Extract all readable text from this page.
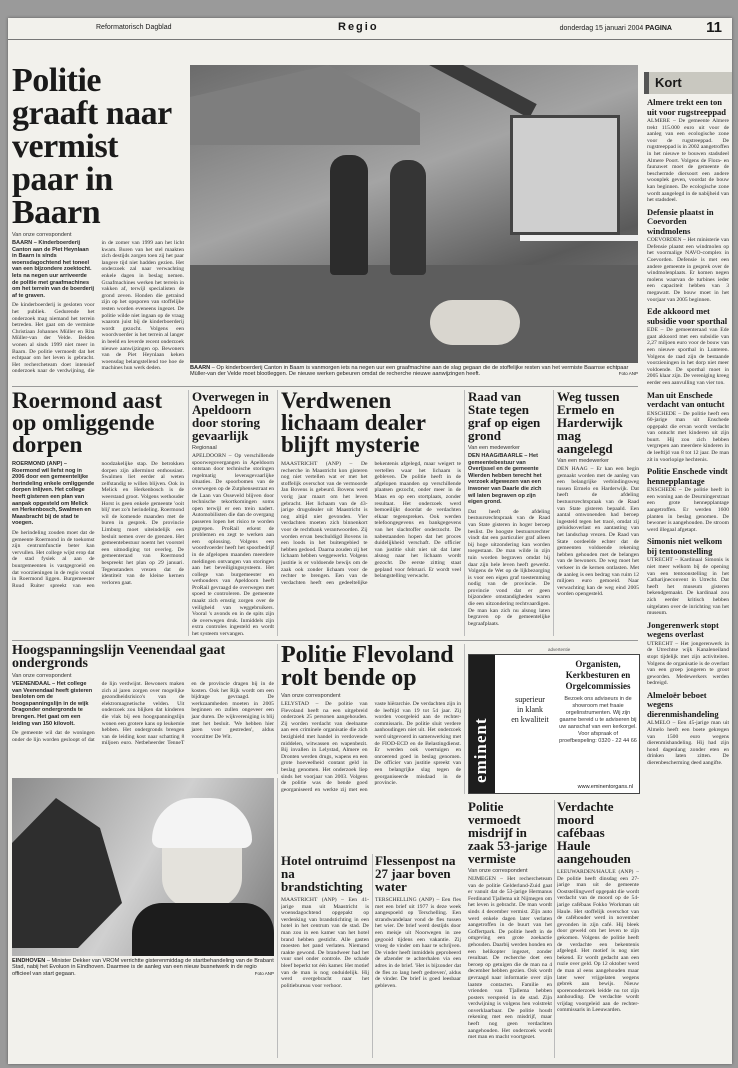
Reformatorisch Dagblad	Regio	donderdag 15 januari 2004 PAGINA 11
Politie graaft naar vermist paar in Baarn
Van onze correspondent
BAARN – Kinderboerderij Canton aan de Piet Heynlaan in Baarn is sinds woensdagochtend het toneel van een bijzondere zoektocht. Iets na negen uur arriveerde de politie met graafmachines om het terrein van de boerderij af te graven.
De kinderboerderij is gesloten voor het publiek. Gedurende het onderzoek mag niemand het terrein betreden. Het gaat om de vermiste Christiaan Johannes Müller en Rita Müller-van der Velde. Beiden wonen al sinds 1999 niet meer in Baarn. De politie vermoedt dat het echtpaar om het leven is gebracht. Het rechercheteam doet intensief onderzoek naar de verdwijning, die in de zomer van 1999 aan het licht kwam. Buren van het stel maakten zich destijds zorgen toen zij het paar langere tijd niet hadden gezien. Het onderzoek zal naar verwachting enkele dagen in beslag nemen. Graafmachines werken het terrein in vakken af, terwijl specialisten de grond zeven. Honden die getraind zijn op het opsporen van stoffelijke resten worden eveneens ingezet. De politie wilde niet ingaan op de vraag waarom juist bij de kinderboerderij wordt gezocht. Volgens een woordvoerder is het terrein al langer in beeld en leverde recent onderzoek nieuwe aanwijzingen op. Bewoners van de Piet Heynlaan keken woensdag belangstellend toe hoe de machines hun werk deden.	BAARN – Op kinderboerderij Canton in Baarn is vanmorgen iets na negen uur een graafmachine aan de slag gegaan die de stoffelijke resten van het vermiste Baarnse echtpaar Müller-van der Velde moet blootleggen. De nieuwe werken gebeuren omdat de recherche nieuwe aanwijzingen heeft.	Foto ANP
Roermond aast op omliggende dorpen
ROERMOND (ANP) – Roermond wil liefst nog in 2006 door een gemeentelijke herindeling enkele omliggende dorpen inlijven. Het college heeft gisteren een plan van aanpak opgesteld om Melick en Herkenbosch, Swalmen en Maasbracht bij de stad te voegen.
De herindeling zouden moet dat de gemeente Roermond in de toekomst zijn centrumfunctie beter kan vervullen. Het college wijst erop dat de stad fysiek al aan de buurgemeenten is vastgegroeid en dat voorzieningen in de regio vooral in Roermond liggen. Burgemeester Ruud Ruiter spreekt van een noodzakelijke stap. De betrokken dorpen zijn allerminst enthousiast. Swalmen liet eerder al weten zelfstandig te willen blijven. Ook in Melick en Herkenbosch is de weerstand groot. Volgens wethouder Horst is geen enkele gemeente 'ooit blij' met zo'n herindeling. Roermond wil de komende maanden met de buren in gesprek. De provincie Limburg moet uiteindelijk een besluit nemen over de grenzen. Het gemeentebestuur noemt het voorstel een uitnodiging tot overleg. De gemeenteraad van Roermond bespreekt het plan op 29 januari. Tegenstanders vrezen dat de identiteit van de kleine kernen verloren gaat.
Overwegen in Apeldoorn door storing gevaarlijk
Regionaal
APELDOORN – Op verschillende spoorwegovergangen in Apeldoorn ontstaan door technische storingen regelmatig levensgevaarlijke situaties. De spoorbomen van de overwegen op de Zutphensestraat en de Laan van Osseveld blijven door technische tekortkomingen soms open terwijl er een trein nadert. Automobilisten die dan de overgang passeren lopen het risico te worden gegrepen. ProRail erkent de problemen en zegt te werken aan een oplossing. Volgens een woordvoerder heeft het spoorbedrijf in de afgelopen maanden meerdere meldingen ontvangen van storingen aan het beveiligingssysteem. Het college van burgemeester en wethouders van Apeldoorn heeft ProRail gevraagd de overwegen met spoed te controleren. De gemeente maakt zich ernstig zorgen over de veiligheid van weggebruikers. Vooral 's avonds en in de spits zijn de overwegen druk. Inmiddels zijn extra controles ingesteld en wordt het systeem vervangen.
Verdwenen lichaam dealer blijft mysterie
MAASTRICHT (ANP) – De recherche in Maastricht kon gisteren nog niet vertellen wat er met het stoffelijk overschot van de vermoorde Jan Bovens is gebeurd. Bovens werd vorig jaar maart om het leven gebracht. Het lichaam van de 43-jarige drugsdealer uit Maastricht is nog altijd niet gevonden. Vier verdachten moeten zich binnenkort voor de rechtbank verantwoorden. Zij worden ervan beschuldigd Bovens in een loods in het buitengebied te hebben gedood. Daarna zouden zij het lichaam hebben weggewerkt. Volgens justitie is er voldoende bewijs om de zaak ook zonder lichaam voor de rechter te brengen. Een van de verdachten heeft een gedeeltelijke bekentenis afgelegd, maar weigert te vertellen waar het lichaam is gebleven. De politie heeft in de afgelopen maanden op verschillende plaatsen gezocht, onder meer in de Maas en op een stortplaats, zonder resultaat. Het onderzoek werd bemoeilijkt doordat de verdachten elkaar tegenspreken. Ook werden telefoongegevens en bankgegevens van het slachtoffer onderzocht. De nabestaanden hopen dat het proces duidelijkheid verschaft. De officier van justitie sluit niet uit dat later alsnog naar het lichaam wordt gezocht. De eerste zitting staat gepland voor februari. Er wordt veel belangstelling verwacht.
Raad van State tegen graf op eigen grond
Van een medewerker
DEN HAAG/BAARLE – Het gemeentebestuur van Overijssel en de gemeente Wierden hebben terecht het verzoek afgewezen van een inwoner van Daarle die zich wil laten begraven op zijn eigen grond.
Dat heeft de afdeling bestuursrechtspraak van de Raad van State gisteren in hoger beroep beslist. De hoogste bestuursrechter vindt dat een particulier graf alleen bij hoge uitzondering kan worden toegestaan. De man wilde in zijn tuin worden begraven omdat hij daar zijn hele leven heeft gewerkt. Volgens de Wet op de lijkbezorging is voor een eigen graf toestemming nodig van de provincie. De provincie vond dat er geen bijzondere omstandigheden waren die een uitzondering rechtvaardigen. De man kan zich nu alsnog laten begraven op de gemeentelijke begraafplaats.
Weg tussen Ermelo en Harderwijk mag aangelegd
Van een medewerker
DEN HAAG – Er kan een begin gemaakt worden met de aanleg van een belangrijke verbindingsweg tussen Ermelo en Harderwijk. Dat heeft de afdeling bestuursrechtspraak van de Raad van State gisteren bepaald. Een aantal omwonenden had beroep ingesteld tegen het tracé, omdat zij geluidsoverlast en aantasting van het landschap vrezen. De Raad van State oordeelde echter dat de gemeenten voldoende rekening hebben gehouden met de belangen van de bewoners. De weg moet het verkeer in de kernen ontlasten. Met de aanleg is een bedrag van ruim 12 miljoen euro gemoeid. Naar verwachting kan de weg eind 2005 worden opengesteld.
Hoogspanningslijn Veenendaal gaat ondergronds
Van onze correspondent
VEENENDAAL – Het college van Veenendaal heeft gisteren besloten om de hoogspanningslijn in de wijk Dragonder ondergronds te brengen. Het gaat om een leiding van 150 kilovolt.
De gemeente wil dat de woningen onder de lijn worden gesloopt of dat de lijn verdwijnt. Bewoners maken zich al jaren zorgen over mogelijke gezondheidsrisico's van de elektromagnetische velden. Uit onderzoek zou blijken dat kinderen die vlak bij een hoogspanningslijn wonen een grotere kans op leukemie hebben. Het ondergronds brengen van de leiding kost naar schatting 8 miljoen euro. Netbeheerder TenneT en de provincie dragen bij in de kosten. Ook het Rijk wordt om een bijdrage gevraagd. De werkzaamheden moeten in 2005 beginnen en zullen ongeveer een jaar duren. De wijkvereniging is blij met het besluit. 'We hebben hier jaren voor gestreden', aldus voorzitter De Wit.
Politie Flevoland rolt bende op
Van onze correspondent
LELYSTAD – De politie van Flevoland heeft na een uitgebreid onderzoek 25 personen aangehouden. Zij worden verdacht van deelname aan een criminele organisatie die zich bezighield met handel in verdovende middelen, witwassen en wapenbezit. Bij invallen in Lelystad, Almere en Dronten werden drugs, wapens en een grote hoeveelheid contant geld in beslag genomen. Het onderzoek liep sinds het voorjaar van 2003. Volgens de politie was de bende goed georganiseerd en werkte zij met een vaste hiërarchie. De verdachten zijn in de leeftijd van 19 tot 54 jaar. Zij worden voorgeleid aan de rechter-commissaris. De politie sluit verdere aanhoudingen niet uit. Het onderzoek werd uitgevoerd in samenwerking met de FIOD-ECD en de Belastingdienst. Er werden ook voertuigen en onroerend goed in beslag genomen. De officier van justitie spreekt van een belangrijke slag tegen de georganiseerde misdaad in de provincie.
advertentie
eminent
superieur
in klank
en kwaliteit
Organisten,
Kerkbesturen en
Orgelcommissies
Bezoek ons adviseurs in de showroom met fraaie orgelinstrumenten. Wij zijn gaarne bereid u te adviseren bij uw aanschaf van een kerkorgel. Voor afspraak of proefbespeling: 0320 - 22 44 66
www.eminentorgans.nl
EINDHOVEN – Minister Dekker van VROM verrichtte gisterenmiddag de startbehandeling van de Brabant Stad, nabij het Evoluon in Eindhoven. Daarmee is de aanleg van een nieuw busnetwerk in de regio officieel van start gegaan.	Foto ANP
Hotel ontruimd na brandstichting
MAASTRICHT (ANP) – Een 41-jarige man uit Maastricht is woensdagochtend opgepakt op verdenking van brandstichting in een hotel in het centrum van de stad. De man zou in een kamer van het hotel brand hebben gesticht. Alle gasten moesten het pand verlaten. Niemand raakte gewond. De brandweer had het vuur snel onder controle. De schade bleef beperkt tot één kamer. Het motief van de man is nog onduidelijk. Hij werd overgebracht naar het politiebureau voor verhoor.
Flessenpost na 27 jaar boven water
TERSCHELLING (ANP) – Een fles met een brief uit 1977 is deze week aangespoeld op Terschelling. Een strandwandelaar vond de fles tussen het wier. De brief werd destijds door een meisje uit Noorwegen in zee gegooid tijdens een vakantie. Zij vroeg de vinder om haar te schrijven. De vinder heeft inmiddels geprobeerd de afzender te achterhalen via een adres in de brief. 'Het is bijzonder dat de fles zo lang heeft gedreven', aldus de vinder. De brief is goed leesbaar gebleven.
Politie vermoedt misdrijf in zaak 53-jarige vermiste
Van onze correspondent
NIJMEGEN – Het rechercheteam van de politie Gelderland-Zuid gaat er vanuit dat de 53-jarige Hermanus Ferdinand Tjallema uit Nijmegen om het leven is gebracht. De man wordt sinds 4 december vermist. Zijn auto werd enkele dagen later verlaten aangetroffen in de buurt van het Goffertpark. De politie heeft in de omgeving een grote zoekactie gehouden. Daarbij werden honden en een helikopter ingezet, zonder resultaat. De recherche doet een beroep op getuigen die de man na 4 december hebben gezien. Ook wordt gevraagd naar informatie over zijn laatste contacten. Familie en vrienden van Tjallema hebben posters verspreid in de stad. Zijn verdwijning is volgens hen volstrekt onverklaarbaar. De politie houdt rekening met een misdrijf, maar heeft nog geen verdachten aangehouden. Het onderzoek wordt met man en macht voortgezet.
Verdachte moord cafébaas Haule aangehouden
LEEUWARDEN/HAULE (ANP) – De politie heeft dinsdag een 27-jarige man uit de gemeente Ooststellingwerf opgepakt die wordt verdacht van de moord op de 54-jarige cafébaas Fokko Workman uit Haule. Het stoffelijk overschot van de caféhouder werd in november gevonden in zijn café. Hij bleek door geweld om het leven te zijn gekomen. Volgens de politie heeft de verdachte een bekentenis afgelegd. Het motief is nog niet bekend. Er wordt gedacht aan een ruzie over geld. Op 12 oktober werd de man al eens aangehouden maar later weer vrijgelaten wegens gebrek aan bewijs. Nieuw sporenonderzoek leidde nu tot zijn aanhouding. De verdachte wordt vrijdag voorgeleid aan de rechter-commissaris in Leeuwarden.
Kort
Almere trekt een ton uit voor rugstreeppad
ALMERE – De gemeente Almere trekt 115.000 euro uit voor de aanleg van een ecologische zone voor de rugstreeppad. De rugstreeppad is in 2002 aangetroffen in het nieuwe te bouwen stadsdeel Almere Poort. Volgens de Flora- en faunawet moet de gemeente de beschermde diersoort een andere woonplek geven, voordat de bouw kan beginnen. De ecologische zone wordt aangelegd in de nabijheid van het stadsdeel.
Defensie plaatst in Coevorden windmolens
COEVORDEN – Het ministerie van Defensie plaatst een windmolen op het voormalige NAVO-complex in Coevorden. Defensie is met een andere gemeente in gesprek over de windmolenplaats. Er komen negen molens waarvan de turbines ieder een capaciteit hebben van 3 megawatt. De bouw moet in het voorjaar van 2005 beginnen.
Ede akkoord met subsidie voor sporthal
EDE – De gemeenteraad van Ede gaat akkoord met een subsidie van 2,27 miljoen euro voor de bouw van een nieuwe sporthal in Lunteren. Volgens de raad zijn de bestaande voorzieningen in het dorp niet meer voldoende. De sporthal moet in 2005 klaar zijn. De vereniging kreeg eerder een aanvulling van vier ton.
Man uit Enschede verdacht van ontucht
ENSCHEDE – De politie heeft een 60-jarige man uit Enschede opgepakt die ervan wordt verdacht van ontucht met kinderen uit zijn buurt. Hij zou zich hebben vergrepen aan meerdere kinderen in de leeftijd van 8 tot 12 jaar. De man zit in voorlopige hechtenis.
Politie Enschede vindt hennepplantage
ENSCHEDE – De politie heeft in een woning aan de Deurningerstraat een grote hennepplantage aangetroffen. Er werden 1600 planten in beslag genomen. De bewoner is aangehouden. De stroom werd illegaal afgetapt.
Simonis niet welkom bij tentoonstelling
UTRECHT – Kardinaal Simonis is niet meer welkom bij de opening van een tentoonstelling in het Catharijneconvent in Utrecht. Dat heeft het museum gisteren bekendgemaakt. De kardinaal zou zich eerder kritisch hebben uitgelaten over de inrichting van het museum.
Jongerenwerk stopt wegens overlast
UTRECHT – Het jongerenwerk in de Utrechtse wijk Kanaleneiland stopt tijdelijk met zijn activiteiten. Volgens de organisatie is de overlast van een groep jongeren te groot geworden. Medewerkers werden bedreigd.
Almeloër beboet wegens dierenmishandeling
ALMELO – Een 45-jarige man uit Almelo heeft een boete gekregen van 1500 euro wegens dierenmishandeling. Hij had zijn hond dagenlang zonder eten en drinken laten zitten. De dierenbescherming deed aangifte.
